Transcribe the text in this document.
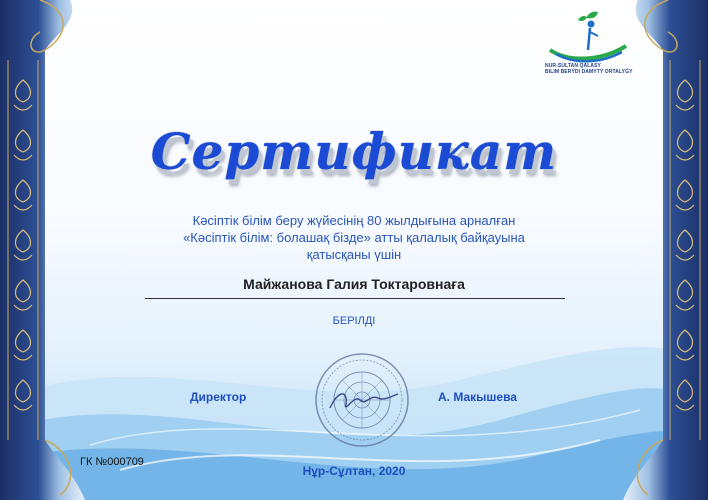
NUR-SULTAN QALASY
BILIM BERÝDI DAMYTÝ ORTALYǴY
Сертификат
Кәсіптік білім беру жүйесінің 80 жылдығына арналған
«Кәсіптік білім: болашақ бізде» атты қалалық байқауына
қатысқаны үшін
Майжанова Галия Токтаровнаға
БЕРІЛДІ
Директор	А. Макышева
ГК №000709
Нұр-Сұлтан, 2020
